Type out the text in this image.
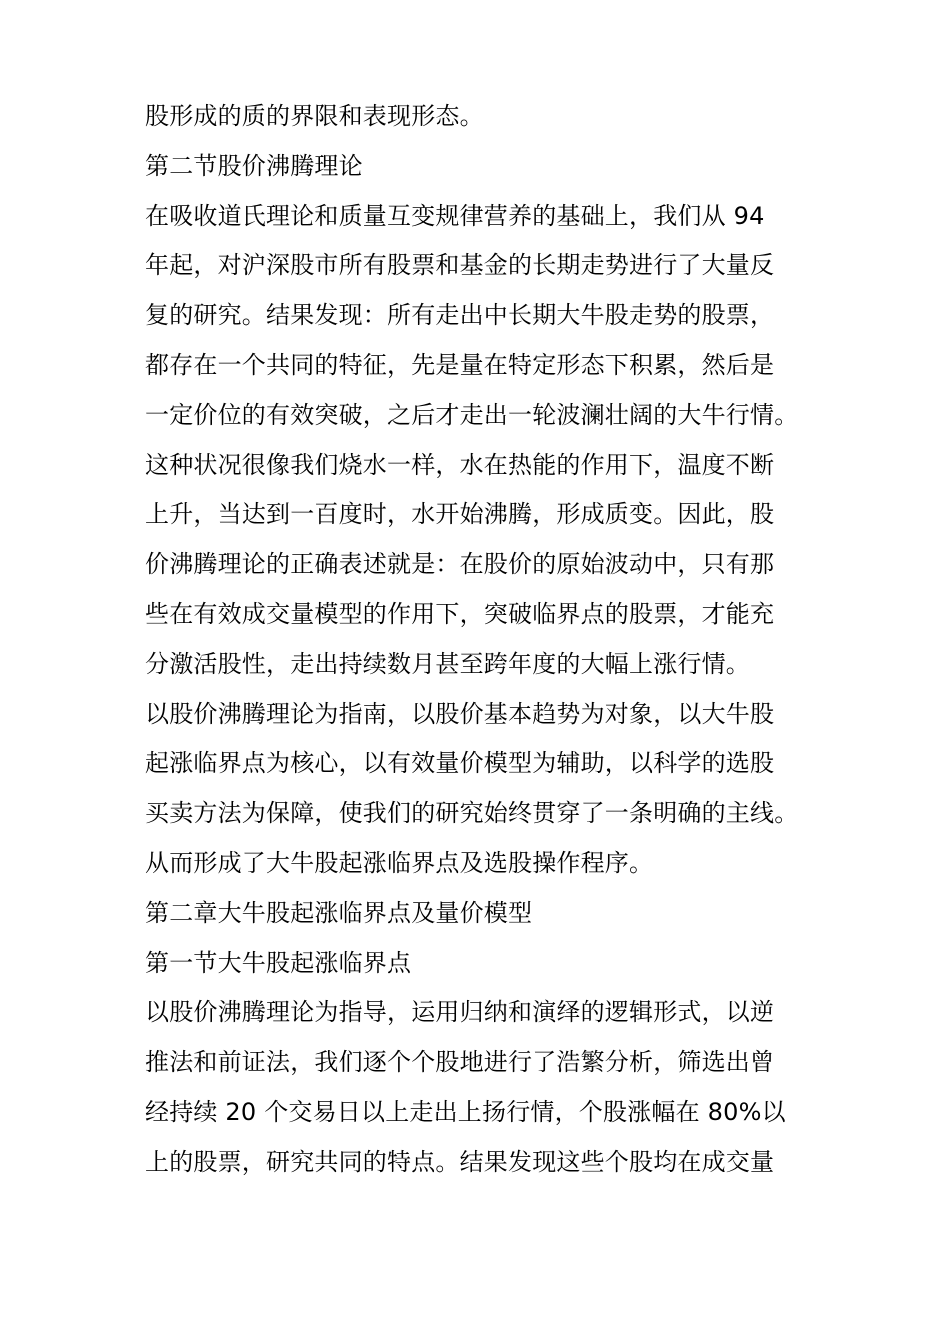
股形成的质的界限和表现形态。
第二节股价沸腾理论
在吸收道氏理论和质量互变规律营养的基础上，我们从 94
年起，对沪深股市所有股票和基金的长期走势进行了大量反
复的研究。结果发现：所有走出中长期大牛股走势的股票，
都存在一个共同的特征，先是量在特定形态下积累，然后是
一定价位的有效突破，之后才走出一轮波澜壮阔的大牛行情。
这种状况很像我们烧水一样，水在热能的作用下，温度不断
上升，当达到一百度时，水开始沸腾，形成质变。因此，股
价沸腾理论的正确表述就是：在股价的原始波动中，只有那
些在有效成交量模型的作用下，突破临界点的股票，才能充
分激活股性，走出持续数月甚至跨年度的大幅上涨行情。
以股价沸腾理论为指南，以股价基本趋势为对象，以大牛股
起涨临界点为核心，以有效量价模型为辅助，以科学的选股
买卖方法为保障，使我们的研究始终贯穿了一条明确的主线。
从而形成了大牛股起涨临界点及选股操作程序。
第二章大牛股起涨临界点及量价模型
第一节大牛股起涨临界点
以股价沸腾理论为指导，运用归纳和演绎的逻辑形式，以逆
推法和前证法，我们逐个个股地进行了浩繁分析，筛选出曾
经持续 20 个交易日以上走出上扬行情，个股涨幅在 80%以
上的股票，研究共同的特点。结果发现这些个股均在成交量
